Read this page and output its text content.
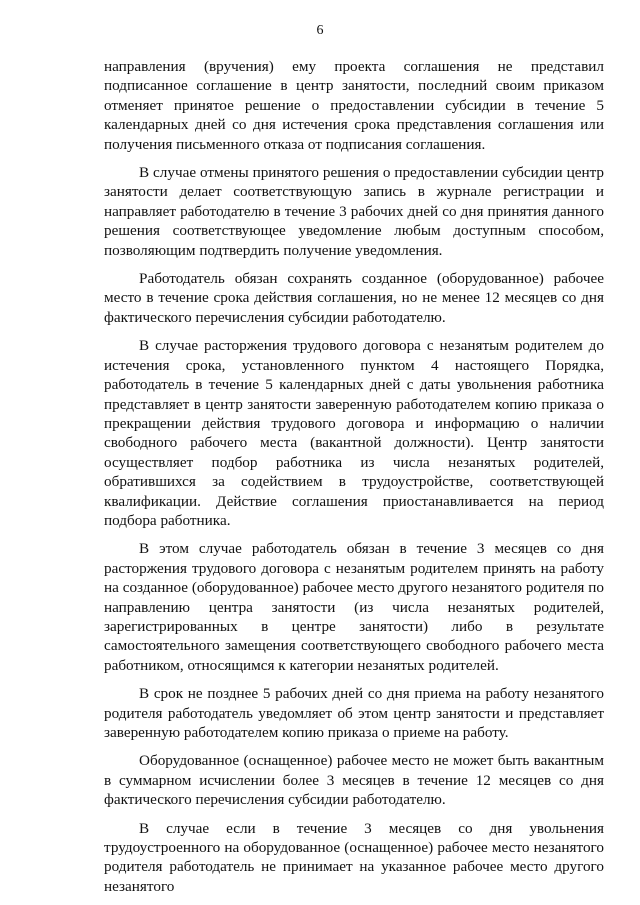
6

направления (вручения) ему проекта соглашения не представил подписанное соглашение в центр занятости, последний своим приказом отменяет принятое решение о предоставлении субсидии в течение 5 календарных дней со дня истечения срока представления соглашения или получения письменного отказа от подписания соглашения.

В случае отмены принятого решения о предоставлении субсидии центр занятости делает соответствующую запись в журнале регистрации и направляет работодателю в течение 3 рабочих дней со дня принятия данного решения соответствующее уведомление любым доступным способом, позволяющим подтвердить получение уведомления.

Работодатель обязан сохранять созданное (оборудованное) рабочее место в течение срока действия соглашения, но не менее 12 месяцев со дня фактического перечисления субсидии работодателю.

В случае расторжения трудового договора с незанятым родителем до истечения срока, установленного пунктом 4 настоящего Порядка, работодатель в течение 5 календарных дней с даты увольнения работника представляет в центр занятости заверенную работодателем копию приказа о прекращении действия трудового договора и информацию о наличии свободного рабочего места (вакантной должности). Центр занятости осуществляет подбор работника из числа незанятых родителей, обратившихся за содействием в трудоустройстве, соответствующей квалификации. Действие соглашения приостанавливается на период подбора работника.

В этом случае работодатель обязан в течение 3 месяцев со дня расторжения трудового договора с незанятым родителем принять на работу на созданное (оборудованное) рабочее место другого незанятого родителя по направлению центра занятости (из числа незанятых родителей, зарегистрированных в центре занятости) либо в результате самостоятельного замещения соответствующего свободного рабочего места работником, относящимся к категории незанятых родителей.

В срок не позднее 5 рабочих дней со дня приема на работу незанятого родителя работодатель уведомляет об этом центр занятости и представляет заверенную работодателем копию приказа о приеме на работу.

Оборудованное (оснащенное) рабочее место не может быть вакантным в суммарном исчислении более 3 месяцев в течение 12 месяцев со дня фактического перечисления субсидии работодателю.

В случае если в течение 3 месяцев со дня увольнения трудоустроенного на оборудованное (оснащенное) рабочее место незанятого родителя работодатель не принимает на указанное рабочее место другого незанятого
